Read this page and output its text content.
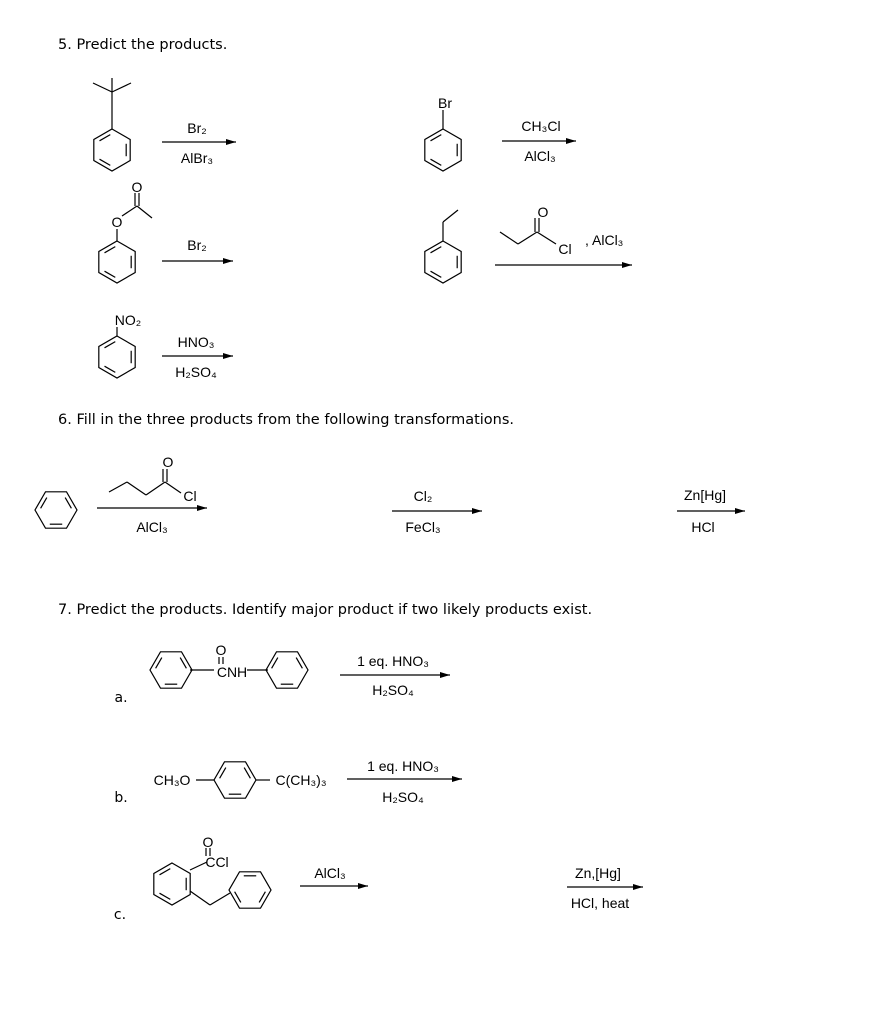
5. Predict the products.
Br₂
AlBr₃
Br
CH₃Cl
AlCl₃
O
O
Br₂
O
Cl
, AlCl₃
NO₂
HNO₃
H₂SO₄
6. Fill in the three products from the following transformations.
O
Cl
AlCl₃
Cl₂
FeCl₃
Zn[Hg]
HCl
7. Predict the products. Identify major product if two likely products exist.
a.
O
CNH
1 eq. HNO₃
H₂SO₄
b.
CH₃O	C(CH₃)₃
1 eq. HNO₃
H₂SO₄
c.
O
CCl
AlCl₃	Zn,[Hg]
HCl, heat
